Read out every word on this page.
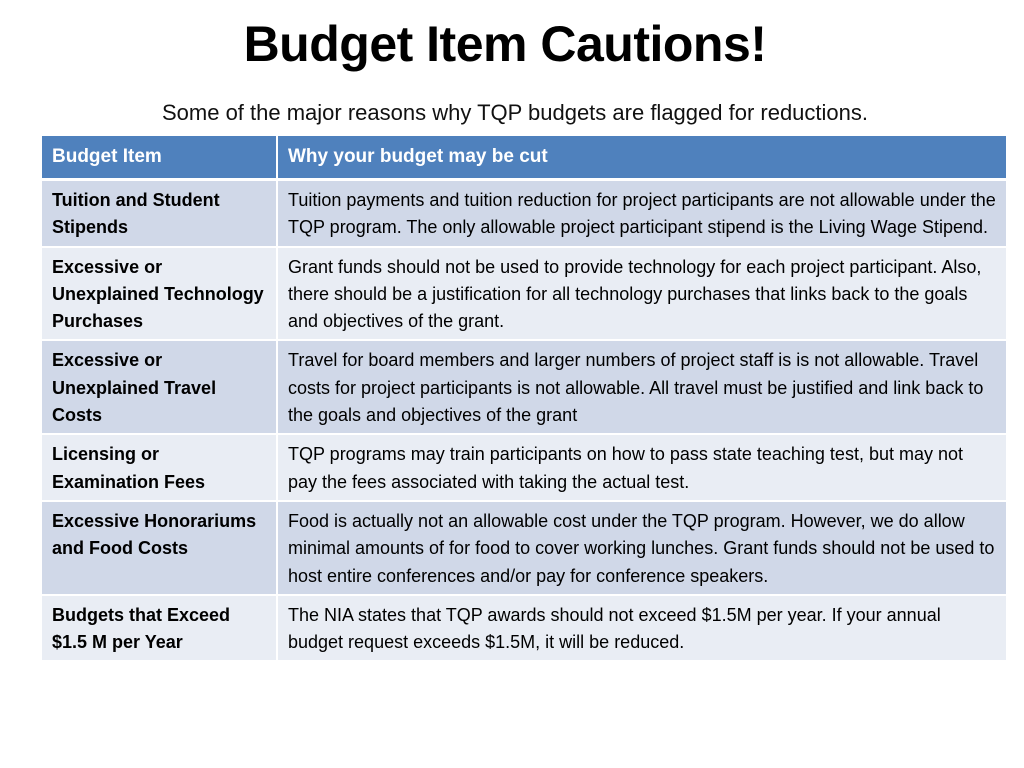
Budget Item Cautions!
Some of the major reasons why TQP budgets are flagged for reductions.
Budget Item	Why your budget may be cut
Tuition and Student Stipends	Tuition payments and tuition reduction for project participants are not allowable under the TQP program. The only allowable project participant stipend is the Living Wage Stipend.
Excessive or Unexplained Technology Purchases	Grant funds should not be used to provide technology for each project participant. Also, there should be a justification for all technology purchases that links back to the goals and objectives of the grant.
Excessive or Unexplained Travel Costs	Travel for board members and larger numbers of project staff is is not allowable. Travel costs for project participants is not allowable. All travel must be justified and link back to the goals and objectives of the grant
Licensing or Examination Fees	TQP programs may train participants on how to pass state teaching test, but may not pay the fees associated with taking the actual test.
Excessive Honorariums and Food Costs	Food is actually not an allowable cost under the TQP program. However, we do allow minimal amounts of for food to cover working lunches. Grant funds should not be used to host entire conferences and/or pay for conference speakers.
Budgets that Exceed $1.5 M per Year	The NIA states that TQP awards should not exceed $1.5M per year. If your annual budget request exceeds $1.5M, it will be reduced.
